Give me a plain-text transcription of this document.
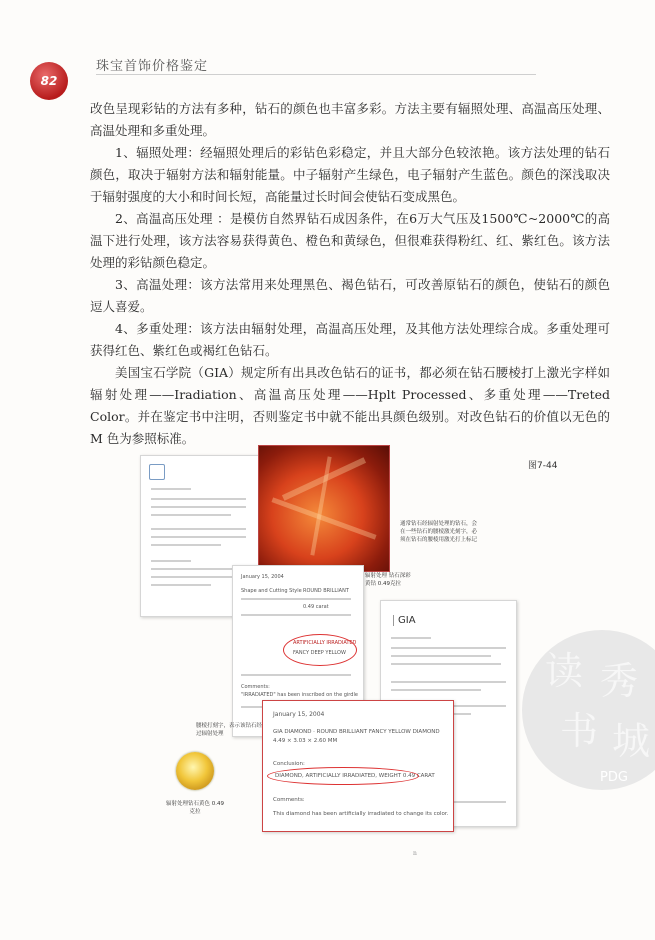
82
珠宝首饰价格鉴定

改色呈现彩钻的方法有多种，钻石的颜色也丰富多彩。方法主要有辐照处理、高温高压处理、高温处理和多重处理。

1、辐照处理：经辐照处理后的彩钻色彩稳定，并且大部分色较浓艳。该方法处理的钻石颜色，取决于辐射方法和辐射能量。中子辐射产生绿色，电子辐射产生蓝色。颜色的深浅取决于辐射强度的大小和时间长短，高能量过长时间会使钻石变成黑色。

2、高温高压处理 ：是模仿自然界钻石成因条件，在6万大气压及1500℃~2000℃的高温下进行处理，该方法容易获得黄色、橙色和黄绿色，但很难获得粉红、红、紫红色。该方法处理的彩钻颜色稳定。

3、高温处理：该方法常用来处理黑色、褐色钻石，可改善原钻石的颜色，使钻石的颜色逗人喜爱。

4、多重处理：该方法由辐射处理，高温高压处理，及其他方法处理综合成。多重处理可获得红色、紫红色或褐红色钻石。

美国宝石学院（GIA）规定所有出具改色钻石的证书，都必须在钻石腰棱打上激光字样如辐射处理——Iradiation、高温高压处理——Hplt Processed、多重处理——Treted Color。并在鉴定书中注明，否则鉴定书中就不能出具颜色级别。对改色钻石的价值以无色的M 色为参照标准。

图7-44
通常钻石经辐射处理的钻石，会在一些钻石的腰棱激光刻字，必须在钻石的腰棱用激光打上标记
January 15, 2004
Shape and Cutting Style ROUND BRILLIANT
0.49 carat
ARTIFICIALLY IRRADIATED
FANCY DEEP YELLOW
Comments:
"IRRADIATED" has been inscribed on the girdle
辐射处理 钻石深彩黄钻 0.49克拉
GIA
January 15, 2004
GIA DIAMOND · ROUND BRILLIANT FANCY YELLOW DIAMOND
4.49 × 3.03 × 2.60 MM
Conclusion:
DIAMOND, ARTIFICIALLY IRRADIATED, WEIGHT 0.49 CARAT
Comments:
This diamond has been artificially irradiated to change its color.
腰棱打刻字，表示该钻石经过辐射处理
辐射处理钻石黄色 0.49克拉
读 秀
书 城
PDG
n
